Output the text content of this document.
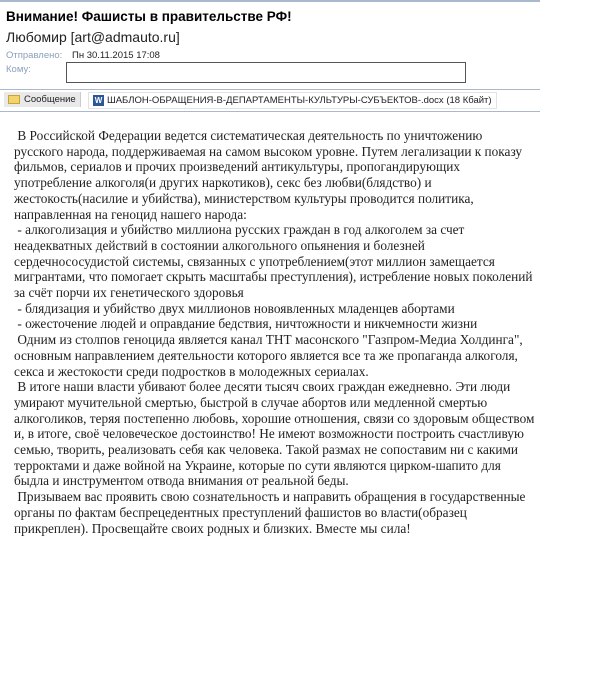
Внимание! Фашисты в правительстве РФ!
Любомир [art@admauto.ru]
Отправлено: Пн 30.11.2015 17:08
Кому:
Сообщение W ШАБЛОН-ОБРАЩЕНИЯ-В-ДЕПАРТАМЕНТЫ-КУЛЬТУРЫ-СУБЪЕКТОВ-.docx (18 Кбайт)
В Российской Федерации ведется систематическая деятельность по уничтожению
русского народа, поддерживаемая на самом высоком уровне. Путем легализации к показу
фильмов, сериалов и прочих произведений антикультуры, пропогандирующих
употребление алкоголя(и других наркотиков), секс без любви(блядство) и
жестокость(насилие и убийства), министерством культуры проводится политика,
направленная на геноцид нашего народа:
- алкоголизация и убийство миллиона русских граждан в год алкоголем за счет
неадекватных действий в состоянии алкогольного опьянения и болезней
сердечнососудистой системы, связанных с употреблением(этот миллион замещается
мигрантами, что помогает скрыть масштабы преступления), истребление новых поколений
за счёт порчи их генетического здоровья
- блядизация и убийство двух миллионов новоявленных младенцев абортами
- ожесточение людей и оправдание бедствия, ничтожности и никчемности жизни
Одним из столпов геноцида является канал ТНТ масонского "Газпром-Медиа Холдинга",
основным направлением деятельности которого является все та же пропаганда алкоголя,
секса и жестокости среди подростков в молодежных сериалах.
В итоге наши власти убивают более десяти тысяч своих граждан ежедневно. Эти люди
умирают мучительной смертью, быстрой в случае абортов или медленной смертью
алкоголиков, теряя постепенно любовь, хорошие отношения, связи со здоровым обществом
и, в итоге, своё человеческое достоинство! Не имеют возможности построить счастливую
семью, творить, реализовать себя как человека. Такой размах не сопоставим ни с какими
терроктами и даже войной на Украине, которые по сути являются цирком-шапито для
быдла и инструментом отвода внимания от реальной беды.
Призываем вас проявить свою сознательность и направить обращения в государственные
органы по фактам беспрецедентных преступлений фашистов во власти(образец
прикреплен). Просвещайте своих родных и близких. Вместе мы сила!
